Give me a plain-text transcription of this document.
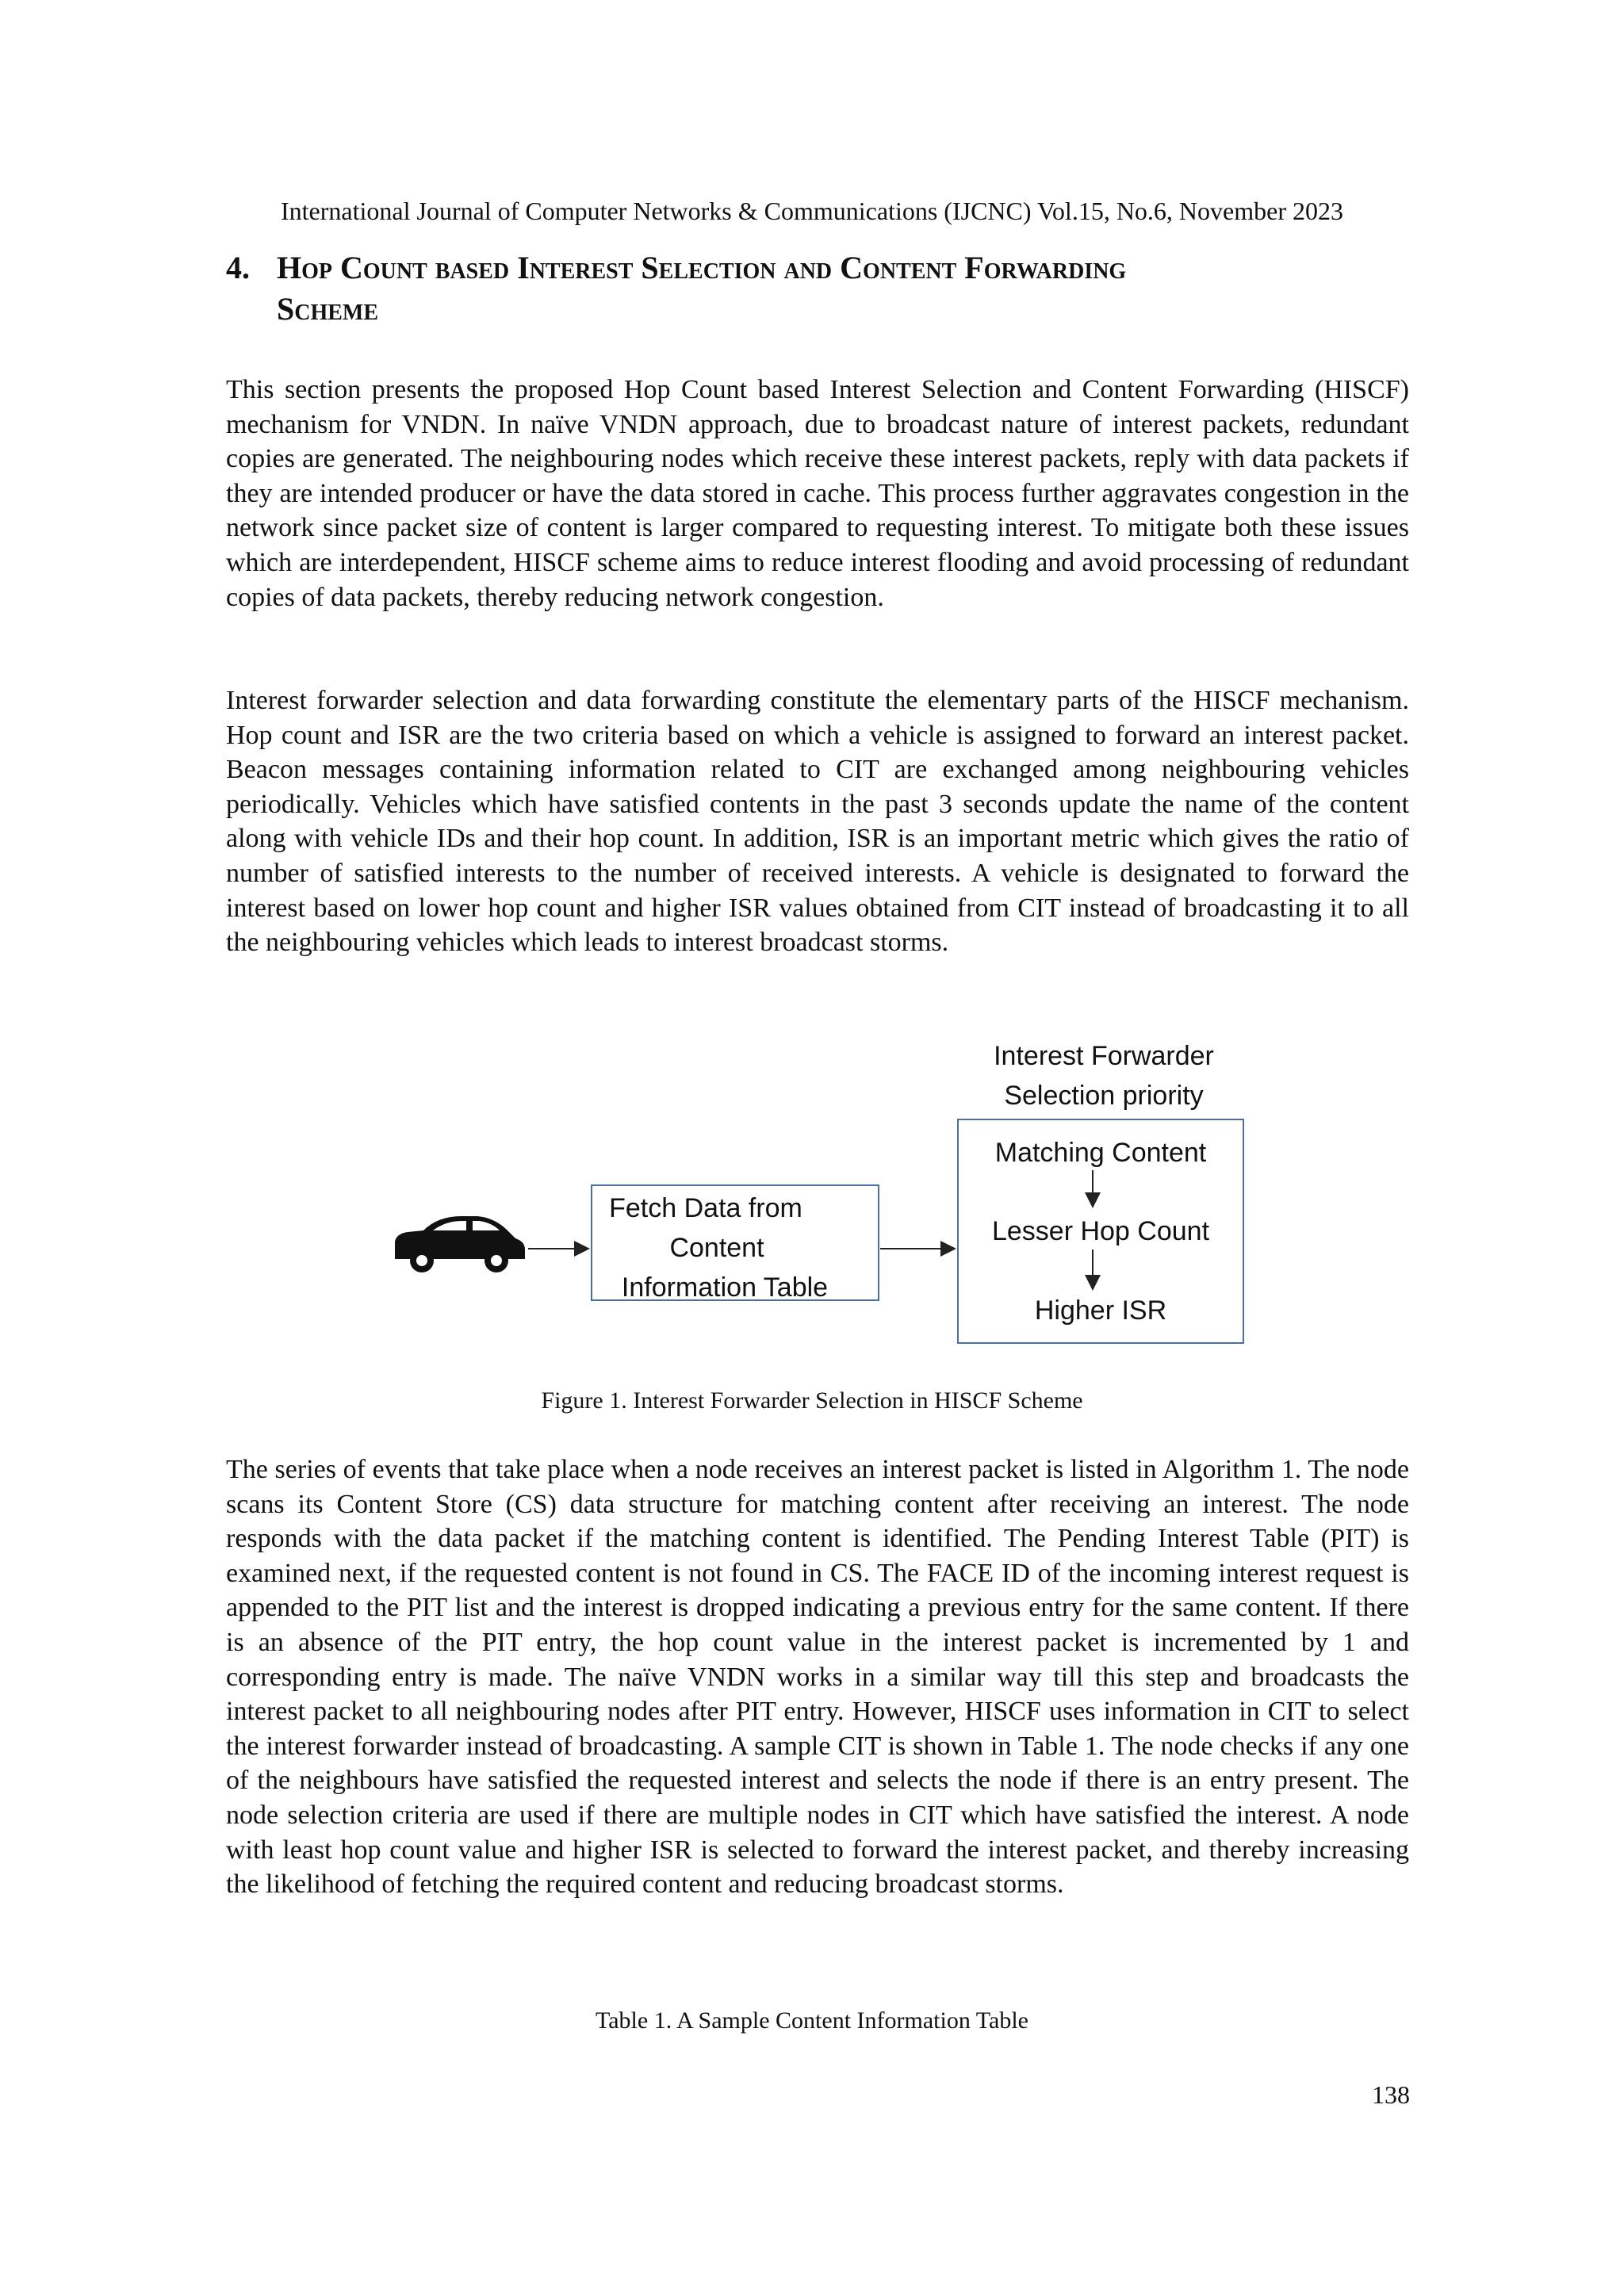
International Journal of Computer Networks & Communications (IJCNC) Vol.15, No.6, November 2023
4. Hop Count based Interest Selection and Content Forwarding
Scheme

This section presents the proposed Hop Count based Interest Selection and Content Forwarding (HISCF) mechanism for VNDN. In naïve VNDN approach, due to broadcast nature of interest packets, redundant copies are generated. The neighbouring nodes which receive these interest packets, reply with data packets if they are intended producer or have the data stored in cache. This process further aggravates congestion in the network since packet size of content is larger compared to requesting interest. To mitigate both these issues which are interdependent, HISCF scheme aims to reduce interest flooding and avoid processing of redundant copies of data packets, thereby reducing network congestion.

Interest forwarder selection and data forwarding constitute the elementary parts of the HISCF mechanism. Hop count and ISR are the two criteria based on which a vehicle is assigned to forward an interest packet. Beacon messages containing information related to CIT are exchanged among neighbouring vehicles periodically. Vehicles which have satisfied contents in the past 3 seconds update the name of the content along with vehicle IDs and their hop count. In addition, ISR is an important metric which gives the ratio of number of satisfied interests to the number of received interests. A vehicle is designated to forward the interest based on lower hop count and higher ISR values obtained from CIT instead of broadcasting it to all the neighbouring vehicles which leads to interest broadcast storms.

Fetch Data from
Content
Information Table
Interest Forwarder
Selection priority
Matching Content
Lesser Hop Count
Higher ISR
Figure 1. Interest Forwarder Selection in HISCF Scheme

The series of events that take place when a node receives an interest packet is listed in Algorithm 1. The node scans its Content Store (CS) data structure for matching content after receiving an interest. The node responds with the data packet if the matching content is identified. The Pending Interest Table (PIT) is examined next, if the requested content is not found in CS. The FACE ID of the incoming interest request is appended to the PIT list and the interest is dropped indicating a previous entry for the same content. If there is an absence of the PIT entry, the hop count value in the interest packet is incremented by 1 and corresponding entry is made. The naïve VNDN works in a similar way till this step and broadcasts the interest packet to all neighbouring nodes after PIT entry. However, HISCF uses information in CIT to select the interest forwarder instead of broadcasting. A sample CIT is shown in Table 1. The node checks if any one of the neighbours have satisfied the requested interest and selects the node if there is an entry present. The node selection criteria are used if there are multiple nodes in CIT which have satisfied the interest. A node with least hop count value and higher ISR is selected to forward the interest packet, and thereby increasing the likelihood of fetching the required content and reducing broadcast storms.

Table 1. A Sample Content Information Table
138
